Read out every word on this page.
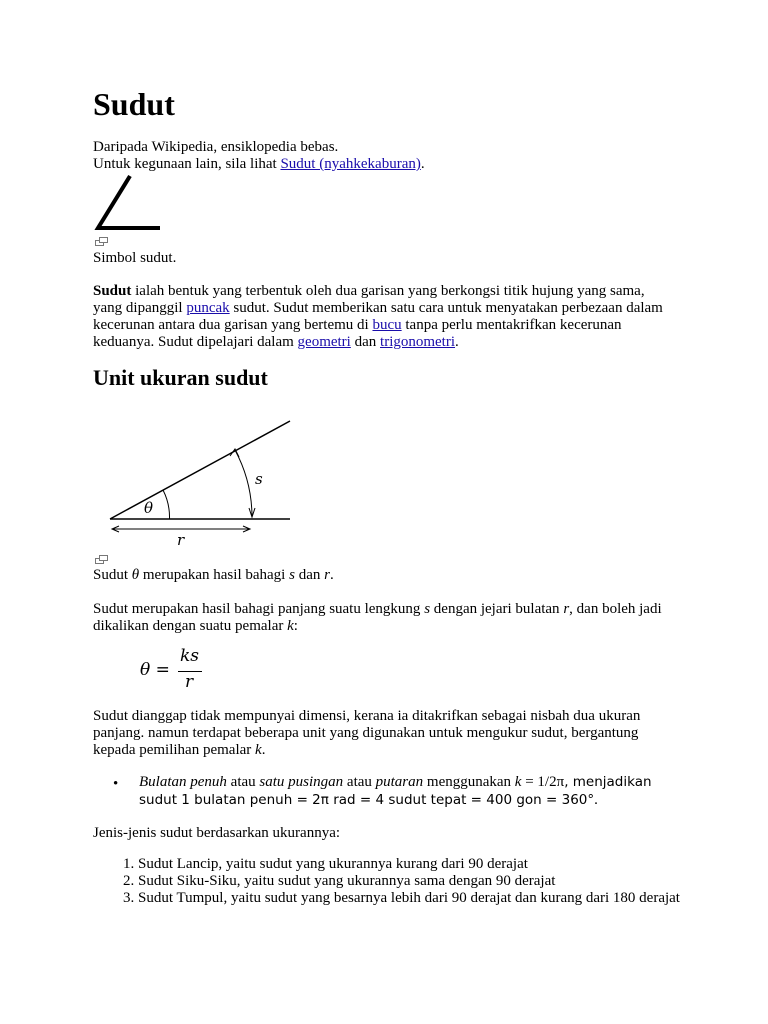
Sudut
Daripada Wikipedia, ensiklopedia bebas.
Untuk kegunaan lain, sila lihat Sudut (nyahkekaburan).
Simbol sudut.
Sudut ialah bentuk yang terbentuk oleh dua garisan yang berkongsi titik hujung yang sama, yang dipanggil puncak sudut. Sudut memberikan satu cara untuk menyatakan perbezaan dalam kecerunan antara dua garisan yang bertemu di bucu tanpa perlu mentakrifkan kecerunan keduanya. Sudut dipelajari dalam geometri dan trigonometri.
Unit ukuran sudut
θ
s
r
Sudut θ merupakan hasil bahagi s dan r.
Sudut merupakan hasil bahagi panjang suatu lengkung s dengan jejari bulatan r, dan boleh jadi dikalikan dengan suatu pemalar k:
θ =
ks
r
Sudut dianggap tidak mempunyai dimensi, kerana ia ditakrifkan sebagai nisbah dua ukuran panjang. namun terdapat beberapa unit yang digunakan untuk mengukur sudut, bergantung kepada pemilihan pemalar k.
• Bulatan penuh atau satu pusingan atau putaran menggunakan k = 1/2π, menjadikan
sudut 1 bulatan penuh = 2π rad = 4 sudut tepat = 400 gon = 360°.
Jenis-jenis sudut berdasarkan ukurannya:
1. Sudut Lancip, yaitu sudut yang ukurannya kurang dari 90 derajat
2. Sudut Siku-Siku, yaitu sudut yang ukurannya sama dengan 90 derajat
3. Sudut Tumpul, yaitu sudut yang besarnya lebih dari 90 derajat dan kurang dari 180 derajat
